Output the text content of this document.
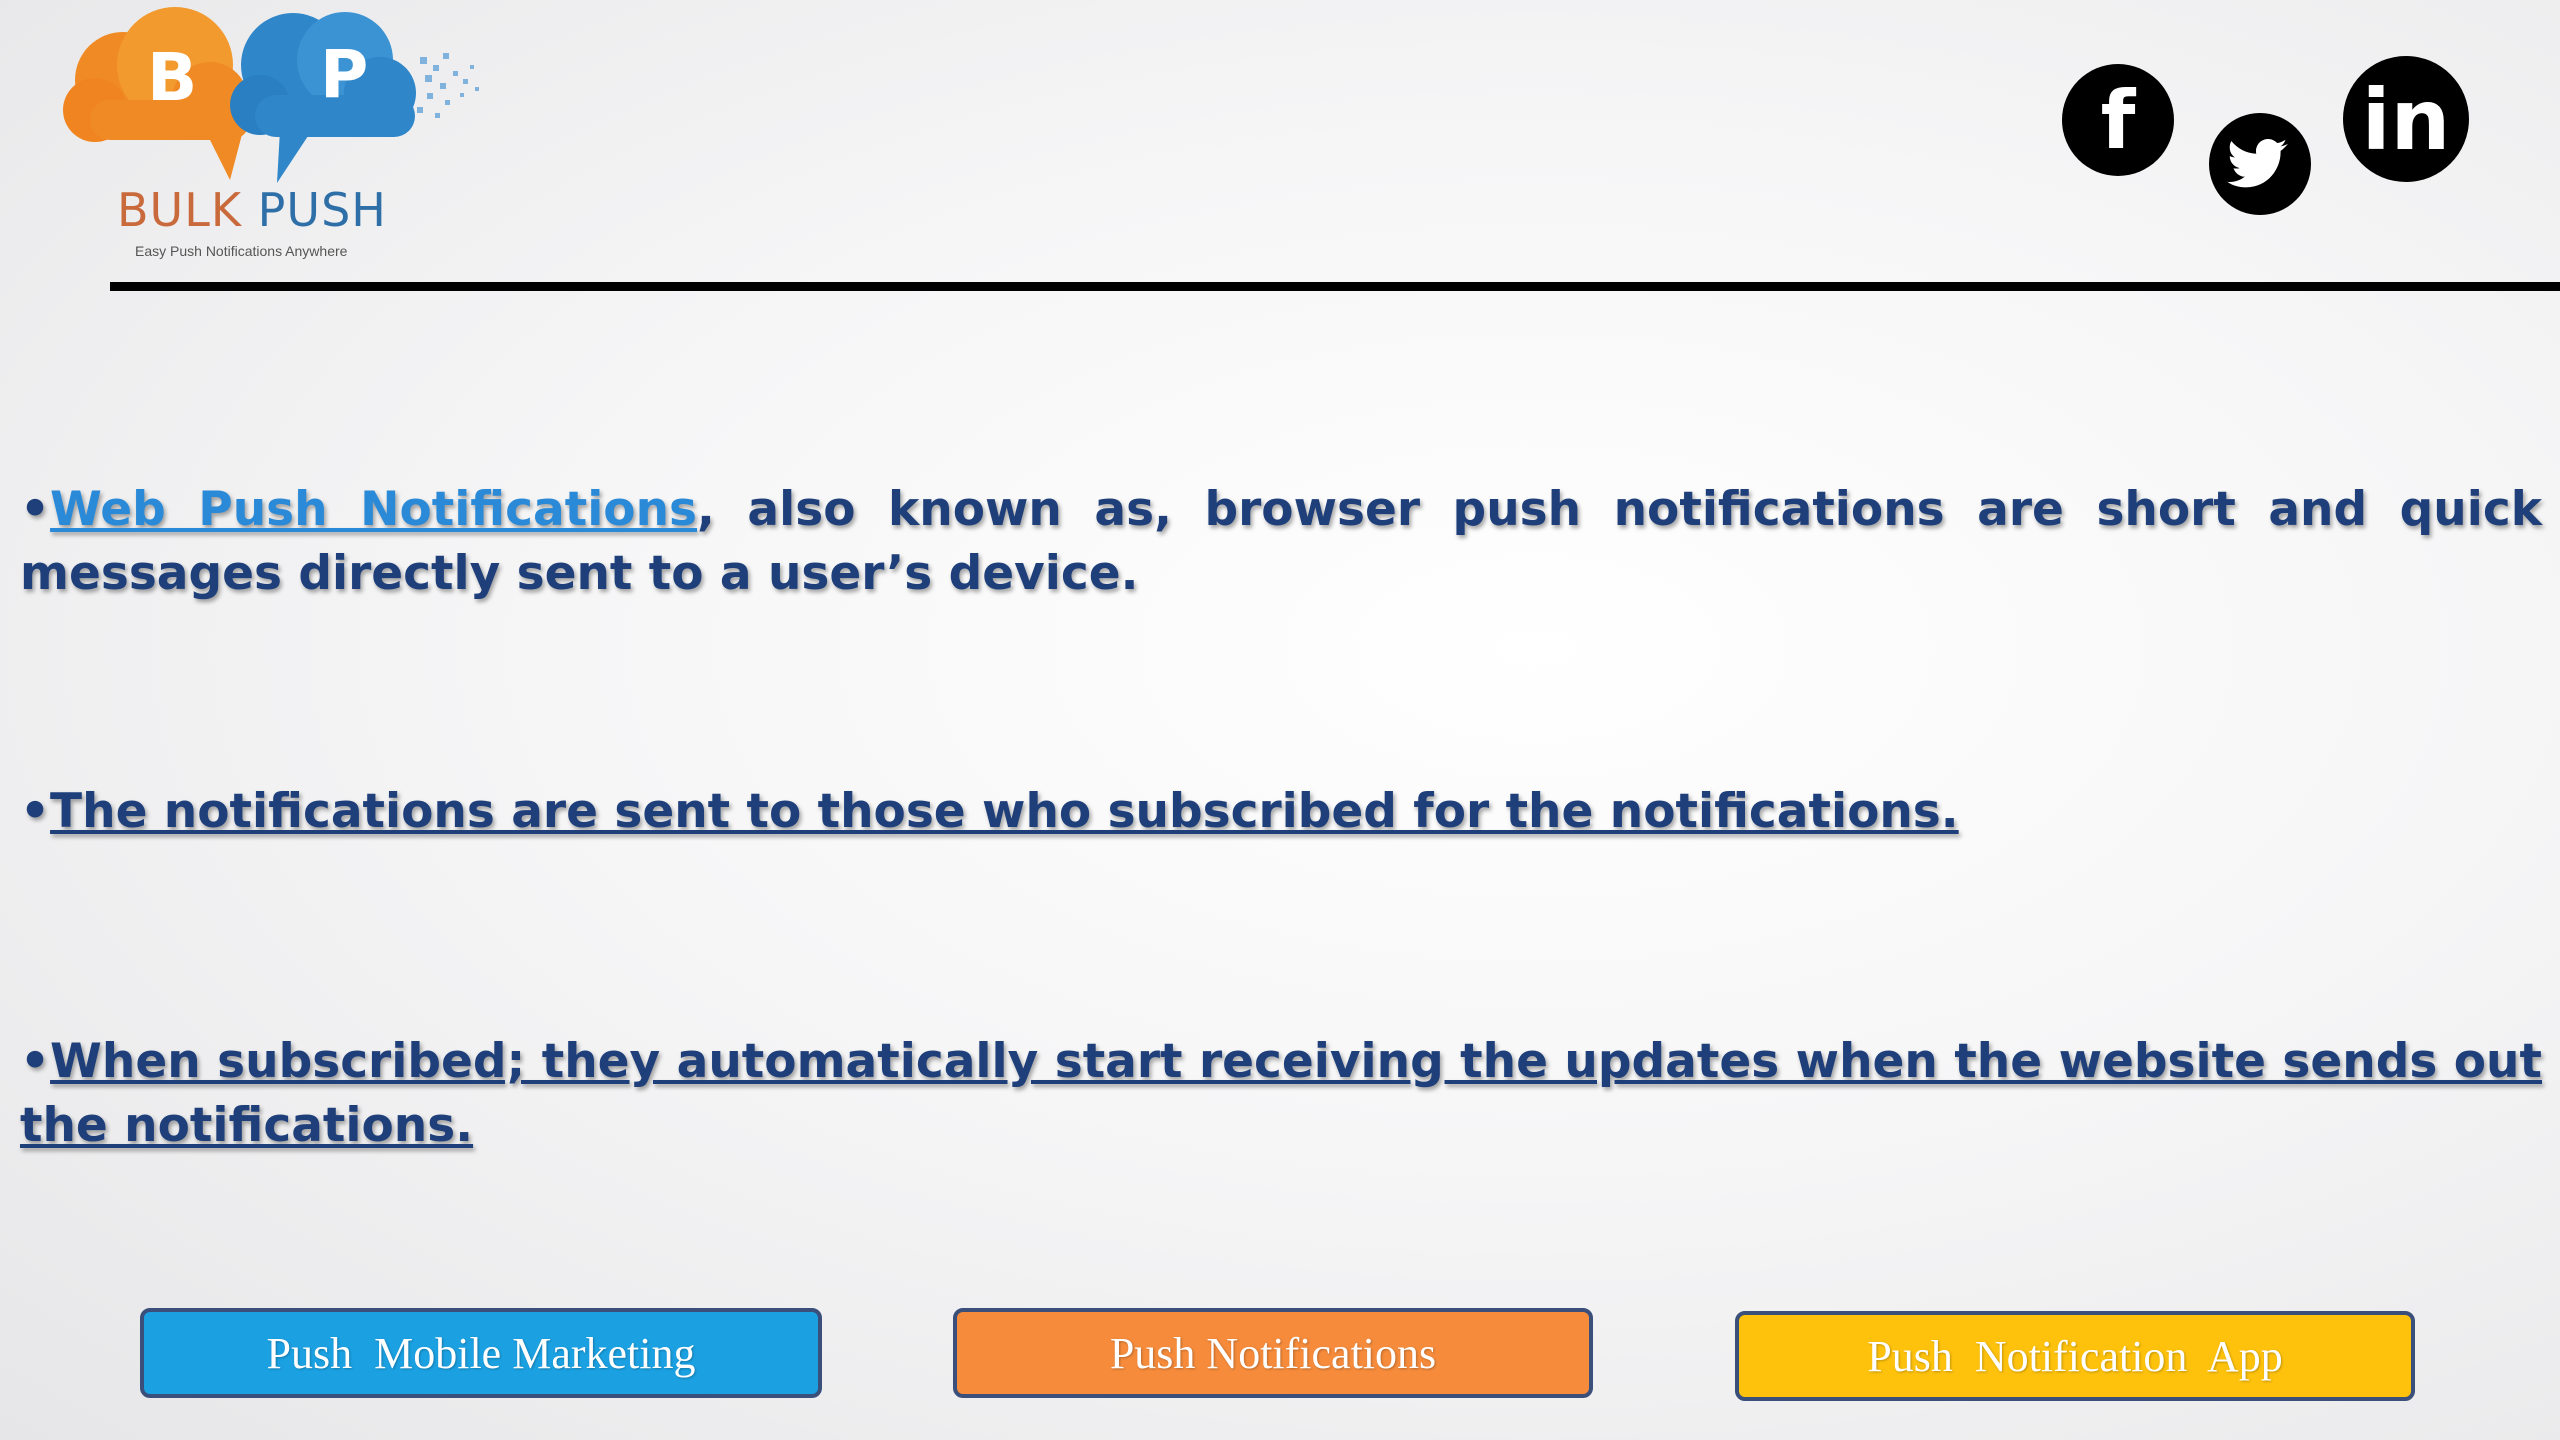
B P
BULK PUSH
Easy Push Notifications Anywhere
f	in
•Web Push Notifications, also known as, browser push notifications are short and quick messages directly sent to a user’s device.
•The notifications are sent to those who subscribed for the notifications.
•When subscribed; they automatically start receiving the updates when the website sends out the notifications.
Push  Mobile Marketing	Push Notifications	Push  Notification  App
